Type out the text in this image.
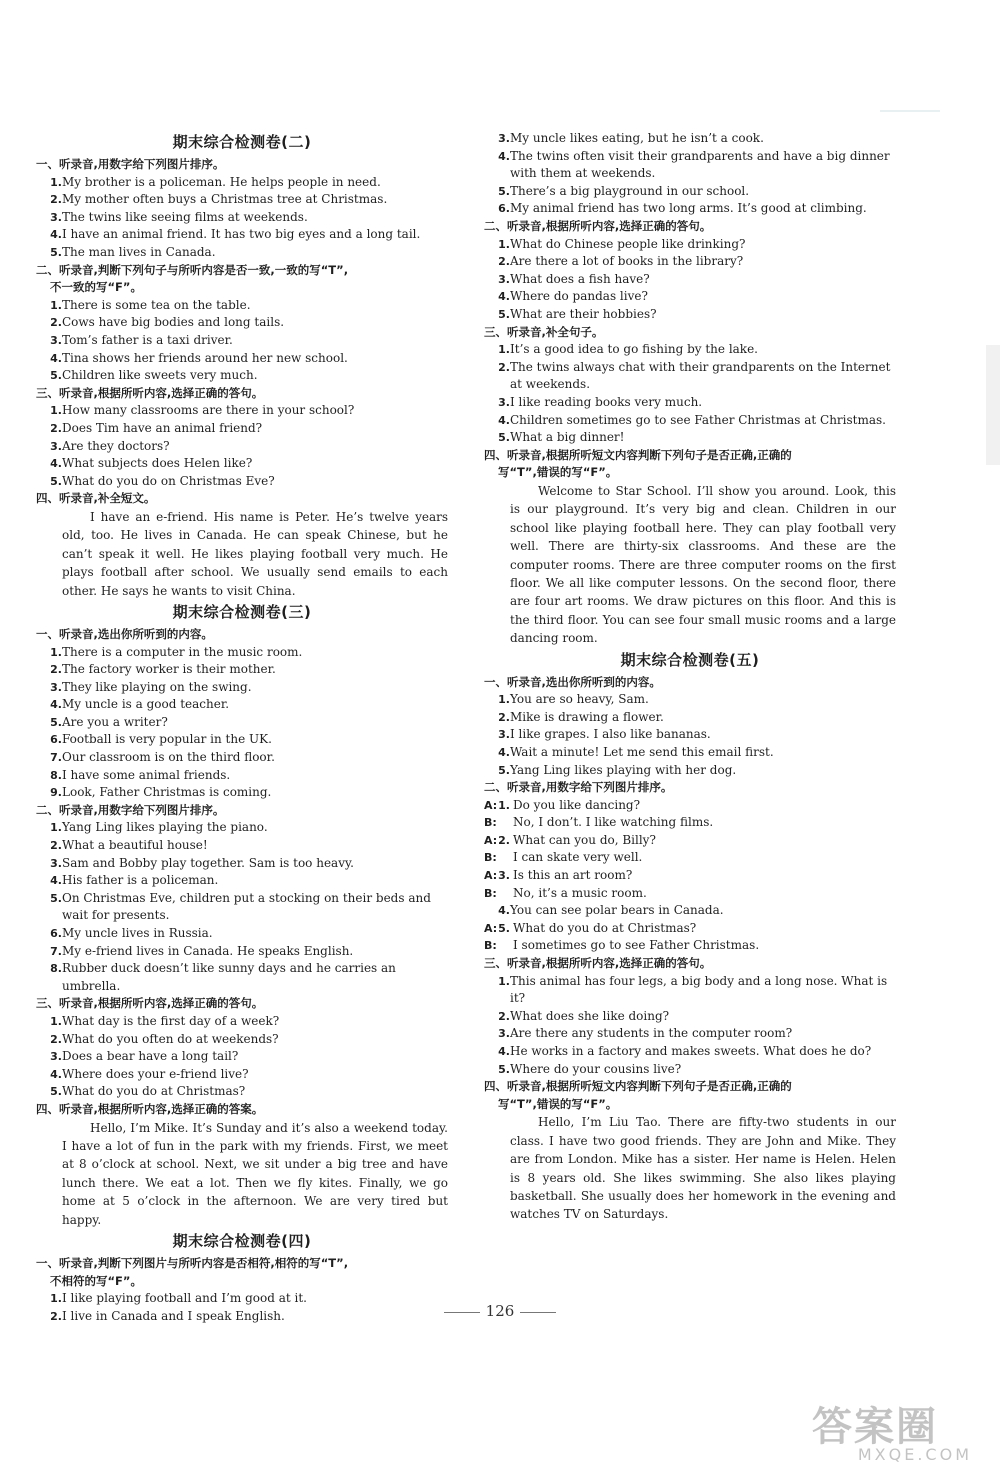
期末综合检测卷(二)
一、听录音,用数字给下列图片排序。
1.My brother is a policeman. He helps people in need.
2.My mother often buys a Christmas tree at Christmas.
3.The twins like seeing films at weekends.
4.I have an animal friend. It has two big eyes and a long tail.
5.The man lives in Canada.
二、听录音,判断下列句子与所听内容是否一致,一致的写“T”,
不一致的写“F”。
1.There is some tea on the table.
2.Cows have big bodies and long tails.
3.Tom’s father is a taxi driver.
4.Tina shows her friends around her new school.
5.Children like sweets very much.
三、听录音,根据所听内容,选择正确的答句。
1.How many classrooms are there in your school?
2.Does Tim have an animal friend?
3.Are they doctors?
4.What subjects does Helen like?
5.What do you do on Christmas Eve?
四、听录音,补全短文。
I have an e-friend. His name is Peter. He’s twelve years old, too. He lives in Canada. He can speak Chinese, but he can’t speak it well. He likes playing football very much. He plays football after school. We usually send emails to each other. He says he wants to visit China.
期末综合检测卷(三)
一、听录音,选出你所听到的内容。
1.There is a computer in the music room.
2.The factory worker is their mother.
3.They like playing on the swing.
4.My uncle is a good teacher.
5.Are you a writer?
6.Football is very popular in the UK.
7.Our classroom is on the third floor.
8.I have some animal friends.
9.Look, Father Christmas is coming.
二、听录音,用数字给下列图片排序。
1.Yang Ling likes playing the piano.
2.What a beautiful house!
3.Sam and Bobby play together. Sam is too heavy.
4.His father is a policeman.
5.On Christmas Eve, children put a stocking on their beds and wait for presents.
6.My uncle lives in Russia.
7.My e-friend lives in Canada. He speaks English.
8.Rubber duck doesn’t like sunny days and he carries an umbrella.
三、听录音,根据所听内容,选择正确的答句。
1.What day is the first day of a week?
2.What do you often do at weekends?
3.Does a bear have a long tail?
4.Where does your e-friend live?
5.What do you do at Christmas?
四、听录音,根据所听内容,选择正确的答案。
Hello, I’m Mike. It’s Sunday and it’s also a weekend today. I have a lot of fun in the park with my friends. First, we meet at 8 o’clock at school. Next, we sit under a big tree and have lunch there. We eat a lot. Then we fly kites. Finally, we go home at 5 o’clock in the afternoon. We are very tired but happy.
期末综合检测卷(四)
一、听录音,判断下列图片与所听内容是否相符,相符的写“T”,
不相符的写“F”。
1.I like playing football and I’m good at it.
2.I live in Canada and I speak English.
3.My uncle likes eating, but he isn’t a cook.
4.The twins often visit their grandparents and have a big dinner with them at weekends.
5.There’s a big playground in our school.
6.My animal friend has two long arms. It’s good at climbing.
二、听录音,根据所听内容,选择正确的答句。
1.What do Chinese people like drinking?
2.Are there a lot of books in the library?
3.What does a fish have?
4.Where do pandas live?
5.What are their hobbies?
三、听录音,补全句子。
1.It’s a good idea to go fishing by the lake.
2.The twins always chat with their grandparents on the Internet at weekends.
3.I like reading books very much.
4.Children sometimes go to see Father Christmas at Christmas.
5.What a big dinner!
四、听录音,根据所听短文内容判断下列句子是否正确,正确的
写“T”,错误的写“F”。
Welcome to Star School. I’ll show you around. Look, this is our playground. It’s very big and clean. Children in our school like playing football here. They can play football very well. There are thirty-six classrooms. And these are the computer rooms. There are three computer rooms on the first floor. We all like computer lessons. On the second floor, there are four art rooms. We draw pictures on this floor. And this is the third floor. You can see four small music rooms and a large dancing room.
期末综合检测卷(五)
一、听录音,选出你所听到的内容。
1.You are so heavy, Sam.
2.Mike is drawing a flower.
3.I like grapes. I also like bananas.
4.Wait a minute! Let me send this email first.
5.Yang Ling likes playing with her dog.
二、听录音,用数字给下列图片排序。
1.A: Do you like dancing?
B: No, I don’t. I like watching films.
2.A: What can you do, Billy?
B: I can skate very well.
3.A: Is this an art room?
B: No, it’s a music room.
4.You can see polar bears in Canada.
5.A: What do you do at Christmas?
B: I sometimes go to see Father Christmas.
三、听录音,根据所听内容,选择正确的答句。
1.This animal has four legs, a big body and a long nose. What is it?
2.What does she like doing?
3.Are there any students in the computer room?
4.He works in a factory and makes sweets. What does he do?
5.Where do your cousins live?
四、听录音,根据所听短文内容判断下列句子是否正确,正确的
写“T”,错误的写“F”。
Hello, I’m Liu Tao. There are fifty-two students in our class. I have two good friends. They are John and Mike. They are from London. Mike has a sister. Her name is Helen. Helen is 8 years old. She likes swimming. She also likes playing basketball. She usually does her homework in the evening and watches TV on Saturdays.
126
答案圈
MXQE.COM
